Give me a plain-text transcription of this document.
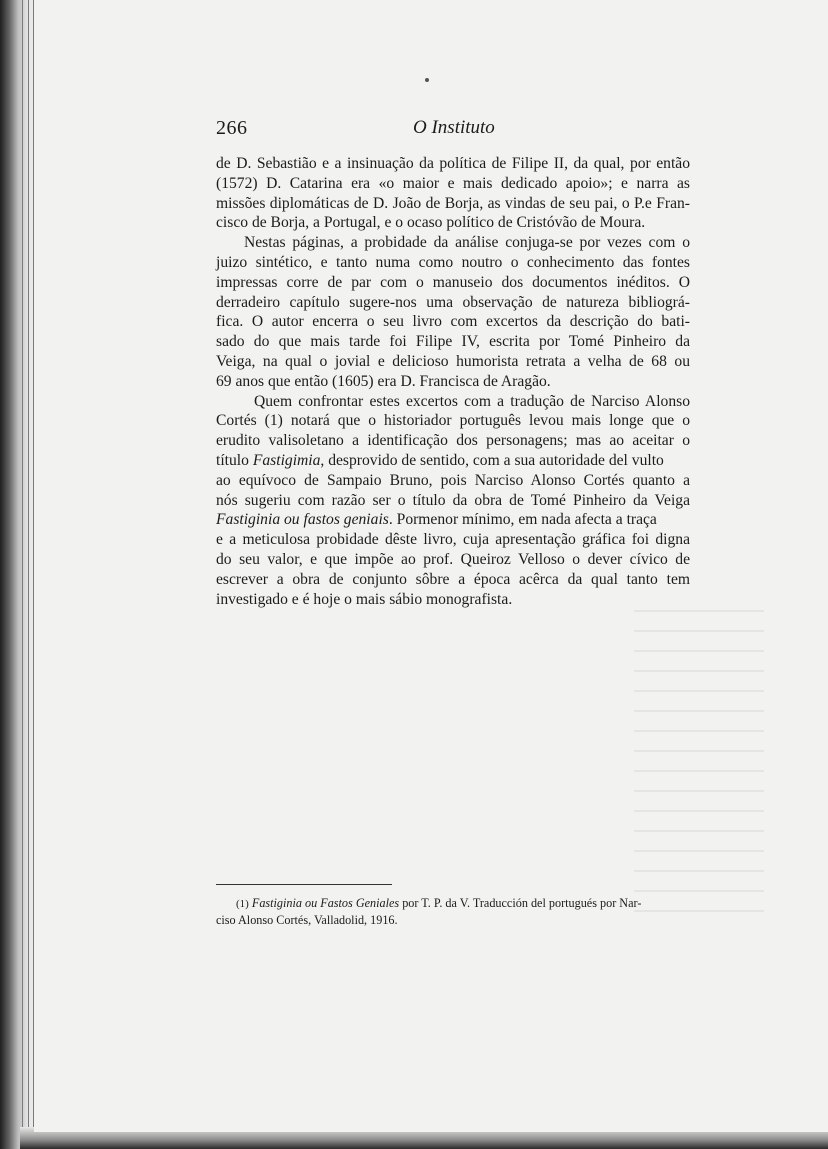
266	O Instituto
de D. Sebastião e a insinuação da política de Filipe II, da qual, por então
(1572) D. Catarina era «o maior e mais dedicado apoio»; e narra as
missões diplomáticas de D. João de Borja, as vindas de seu pai, o P.e Fran-
cisco de Borja, a Portugal, e o ocaso político de Cristóvão de Moura.
Nestas páginas, a probidade da análise conjuga-se por vezes com o
juizo sintético, e tanto numa como noutro o conhecimento das fontes
impressas corre de par com o manuseio dos documentos inéditos. O
derradeiro capítulo sugere-nos uma observação de natureza bibliográ-
fica. O autor encerra o seu livro com excertos da descrição do bati-
sado do que mais tarde foi Filipe IV, escrita por Tomé Pinheiro da
Veiga, na qual o jovial e delicioso humorista retrata a velha de 68 ou
69 anos que então (1605) era D. Francisca de Aragão.
Quem confrontar estes excertos com a tradução de Narciso Alonso
Cortés (1) notará que o historiador português levou mais longe que o
erudito valisoletano a identificação dos personagens; mas ao aceitar o
título Fastigimia, desprovido de sentido, com a sua autoridade del vulto
ao equívoco de Sampaio Bruno, pois Narciso Alonso Cortés quanto a
nós sugeriu com razão ser o título da obra de Tomé Pinheiro da Veiga
Fastiginia ou fastos geniais. Pormenor mínimo, em nada afecta a traça
e a meticulosa probidade dêste livro, cuja apresentação gráfica foi digna
do seu valor, e que impõe ao prof. Queiroz Velloso o dever cívico de
escrever a obra de conjunto sôbre a época acêrca da qual tanto tem
investigado e é hoje o mais sábio monografista.
(1) Fastiginia ou Fastos Geniales por T. P. da V. Traducción del portugués por Nar-
ciso Alonso Cortés, Valladolid, 1916.
